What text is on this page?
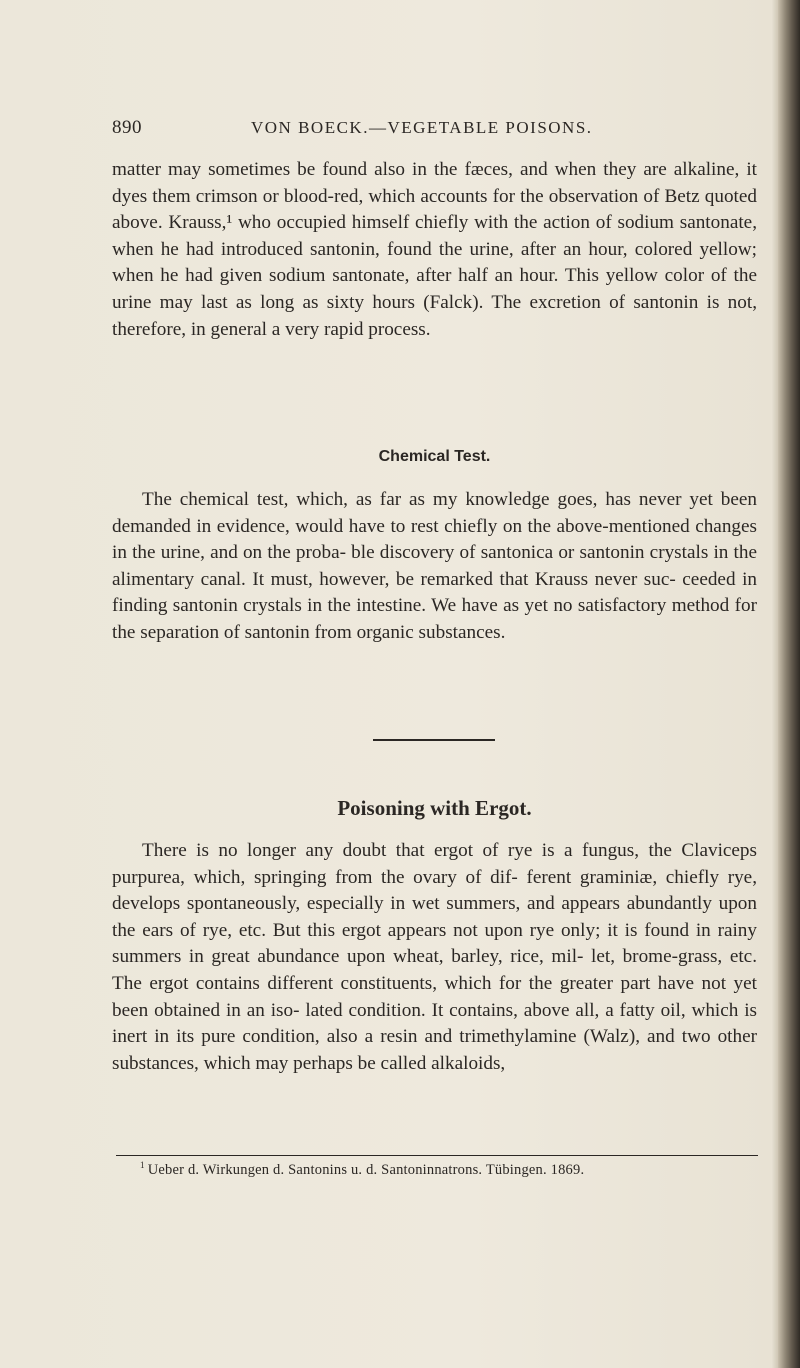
890	VON BOECK.—VEGETABLE POISONS.
matter may sometimes be found also in the fæces, and when they are alkaline, it dyes them crimson or blood-red, which accounts for the observation of Betz quoted above. Krauss,¹ who occupied himself chiefly with the action of sodium santonate, when he had introduced santonin, found the urine, after an hour, colored yellow; when he had given sodium santonate, after half an hour. This yellow color of the urine may last as long as sixty hours (Falck). The excretion of santonin is not, therefore, in general a very rapid process.
Chemical Test.
The chemical test, which, as far as my knowledge goes, has never yet been demanded in evidence, would have to rest chiefly on the above-mentioned changes in the urine, and on the proba- ble discovery of santonica or santonin crystals in the alimentary canal. It must, however, be remarked that Krauss never suc- ceeded in finding santonin crystals in the intestine. We have as yet no satisfactory method for the separation of santonin from organic substances.
Poisoning with Ergot.
There is no longer any doubt that ergot of rye is a fungus, the Claviceps purpurea, which, springing from the ovary of dif- ferent graminiæ, chiefly rye, develops spontaneously, especially in wet summers, and appears abundantly upon the ears of rye, etc. But this ergot appears not upon rye only; it is found in rainy summers in great abundance upon wheat, barley, rice, mil- let, brome-grass, etc. The ergot contains different constituents, which for the greater part have not yet been obtained in an iso- lated condition. It contains, above all, a fatty oil, which is inert in its pure condition, also a resin and trimethylamine (Walz), and two other substances, which may perhaps be called alkaloids,
$^1$ Ueber d. Wirkungen d. Santonins u. d. Santoninnatrons. Tübingen. 1869.
